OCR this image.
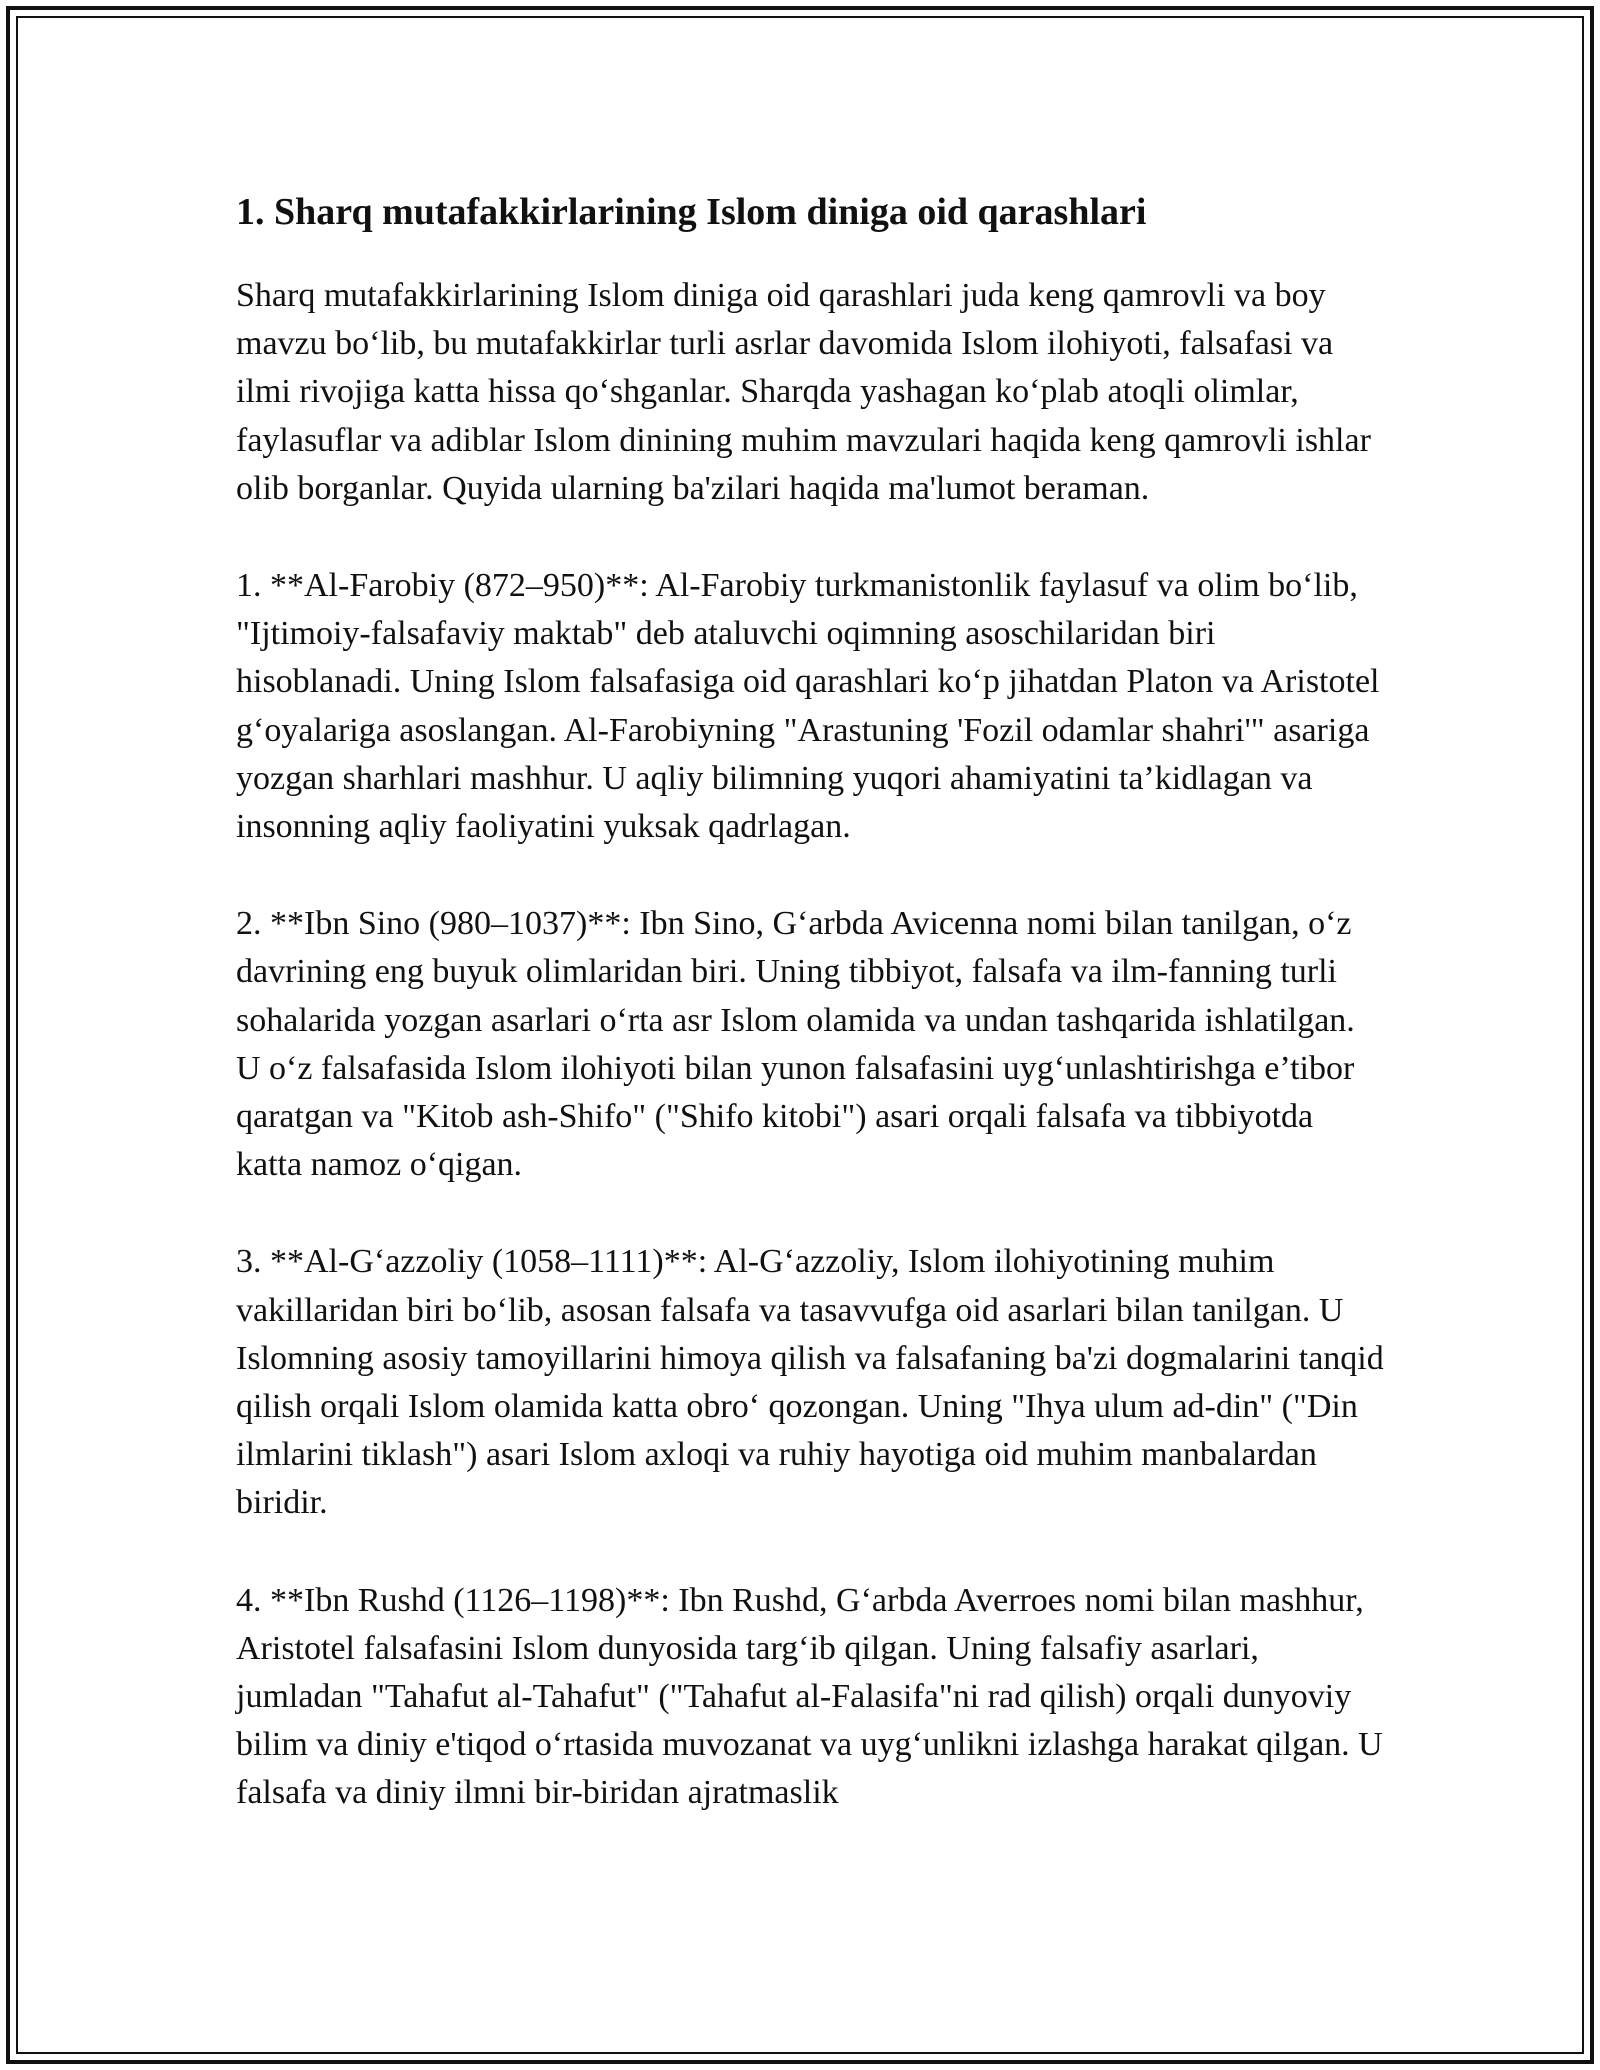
1. Sharq mutafakkirlarining Islom diniga oid qarashlari

Sharq mutafakkirlarining Islom diniga oid qarashlari juda keng qamrovli va boy mavzu bo‘lib, bu mutafakkirlar turli asrlar davomida Islom ilohiyoti, falsafasi va ilmi rivojiga katta hissa qo‘shganlar. Sharqda yashagan ko‘plab atoqli olimlar, faylasuflar va adiblar Islom dinining muhim mavzulari haqida keng qamrovli ishlar olib borganlar. Quyida ularning ba'zilari haqida ma'lumot beraman.

1. **Al-Farobiy (872–950)**: Al-Farobiy turkmanistonlik faylasuf va olim bo‘lib, "Ijtimoiy-falsafaviy maktab" deb ataluvchi oqimning asoschilaridan biri hisoblanadi. Uning Islom falsafasiga oid qarashlari ko‘p jihatdan Platon va Aristotel g‘oyalariga asoslangan. Al-Farobiyning "Arastuning 'Fozil odamlar shahri'" asariga yozgan sharhlari mashhur. U aqliy bilimning yuqori ahamiyatini ta’kidlagan va insonning aqliy faoliyatini yuksak qadrlagan.

2. **Ibn Sino (980–1037)**: Ibn Sino, G‘arbda Avicenna nomi bilan tanilgan, o‘z davrining eng buyuk olimlaridan biri. Uning tibbiyot, falsafa va ilm-fanning turli sohalarida yozgan asarlari o‘rta asr Islom olamida va undan tashqarida ishlatilgan. U o‘z falsafasida Islom ilohiyoti bilan yunon falsafasini uyg‘unlashtirishga e’tibor qaratgan va "Kitob ash-Shifo" ("Shifo kitobi") asari orqali falsafa va tibbiyotda katta namoz o‘qigan.

3. **Al-G‘azzoliy (1058–1111)**: Al-G‘azzoliy, Islom ilohiyotining muhim vakillaridan biri bo‘lib, asosan falsafa va tasavvufga oid asarlari bilan tanilgan. U Islomning asosiy tamoyillarini himoya qilish va falsafaning ba'zi dogmalarini tanqid qilish orqali Islom olamida katta obro‘ qozongan. Uning "Ihya ulum ad-din" ("Din ilmlarini tiklash") asari Islom axloqi va ruhiy hayotiga oid muhim manbalardan biridir.

4. **Ibn Rushd (1126–1198)**: Ibn Rushd, G‘arbda Averroes nomi bilan mashhur, Aristotel falsafasini Islom dunyosida targ‘ib qilgan. Uning falsafiy asarlari, jumladan "Tahafut al-Tahafut" ("Tahafut al-Falasifa"ni rad qilish) orqali dunyoviy bilim va diniy e'tiqod o‘rtasida muvozanat va uyg‘unlikni izlashga harakat qilgan. U falsafa va diniy ilmni bir-biridan ajratmaslik
